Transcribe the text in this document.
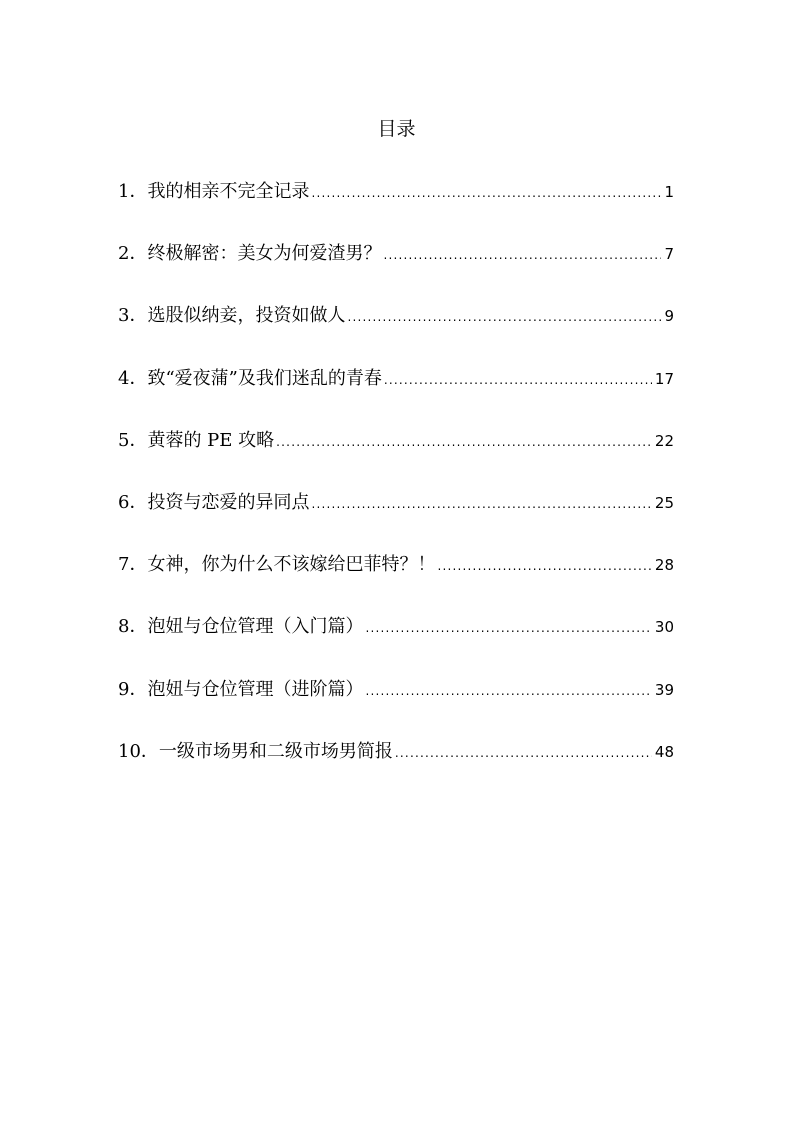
目录
1． 我的相亲不完全记录 .....	1
2． 终极解密：美女为何爱渣男？ .....	7
3． 选股似纳妾，投资如做人 .....	9
4． 致“爱夜蒲”及我们迷乱的青春 .....	17
5． 黄蓉的 PE 攻略 .....	22
6． 投资与恋爱的异同点 .....	25
7． 女神，你为什么不该嫁给巴菲特？！ .....	28
8． 泡妞与仓位管理（入门篇） .....	30
9． 泡妞与仓位管理（进阶篇） .....	39
10． 一级市场男和二级市场男简报 .....	48
